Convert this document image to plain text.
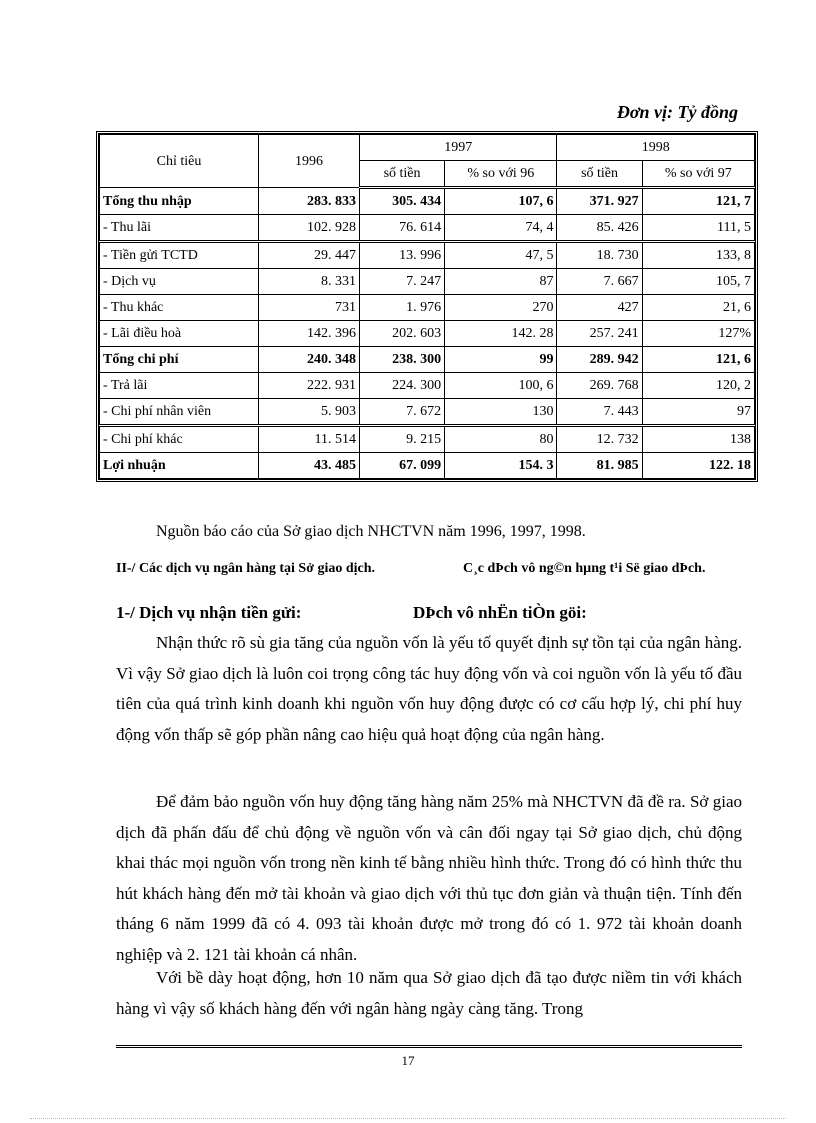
Đơn vị: Tỷ đồng
Chỉ tiêu	1996	1997		1998	
		số tiền	% so với 96	số tiền	% so với 97
Tổng thu nhập	283. 833	305. 434	107, 6	371. 927	121, 7
- Thu lãi	102. 928	76. 614	74, 4	85. 426	111, 5
- Tiền gửi TCTD	29. 447	13. 996	47, 5	18. 730	133, 8
- Dịch vụ	8. 331	7. 247	87	7. 667	105, 7
- Thu khác	731	1. 976	270	427	21, 6
- Lãi điều hoà	142. 396	202. 603	142. 28	257. 241	127%
Tổng chi phí	240. 348	238. 300	99	289. 942	121, 6
- Trả lãi	222. 931	224. 300	100, 6	269. 768	120, 2
- Chi phí nhân viên	5. 903	7. 672	130	7. 443	97
- Chi phí khác	11. 514	9. 215	80	12. 732	138
Lợi nhuận	43. 485	67. 099	154. 3	81. 985	122. 18
Nguồn báo cáo của Sở giao dịch NHCTVN năm 1996, 1997, 1998.
II-/ Các dịch vụ ngân hàng tại Sở giao dịch.	C¸c dÞch vô ng©n hµng t¹i Së giao dÞch.
1-/ Dịch vụ nhận tiền gửi:	DÞch vô nhËn tiÒn göi:
Nhận thức rõ sù gia tăng của nguồn vốn là yếu tố quyết định sự tồn tại của ngân hàng. Vì vậy Sở giao dịch là luôn coi trọng công tác huy động vốn và coi nguồn vốn là yếu tố đầu tiên của quá trình kinh doanh khi nguồn vốn huy động được có cơ cấu hợp lý, chi phí huy động vốn thấp sẽ góp phần nâng cao hiệu quả hoạt động của ngân hàng.
Để đảm bảo nguồn vốn huy động tăng hàng năm 25% mà NHCTVN đã đề ra. Sở giao dịch đã phấn đấu để chủ động về nguồn vốn và cân đối ngay tại Sở giao dịch, chủ động khai thác mọi nguồn vốn trong nền kinh tế bằng nhiều hình thức. Trong đó có hình thức thu hút khách hàng đến mở tài khoản và giao dịch với thủ tục đơn giản và thuận tiện. Tính đến tháng 6 năm 1999 đã có 4. 093 tài khoản được mở trong đó có 1. 972 tài khoản doanh nghiệp và 2. 121 tài khoản cá nhân.
Với bề dày hoạt động, hơn 10 năm qua Sở giao dịch đã tạo được niềm tin với khách hàng vì vậy số khách hàng đến với ngân hàng ngày càng tăng. Trong
17
